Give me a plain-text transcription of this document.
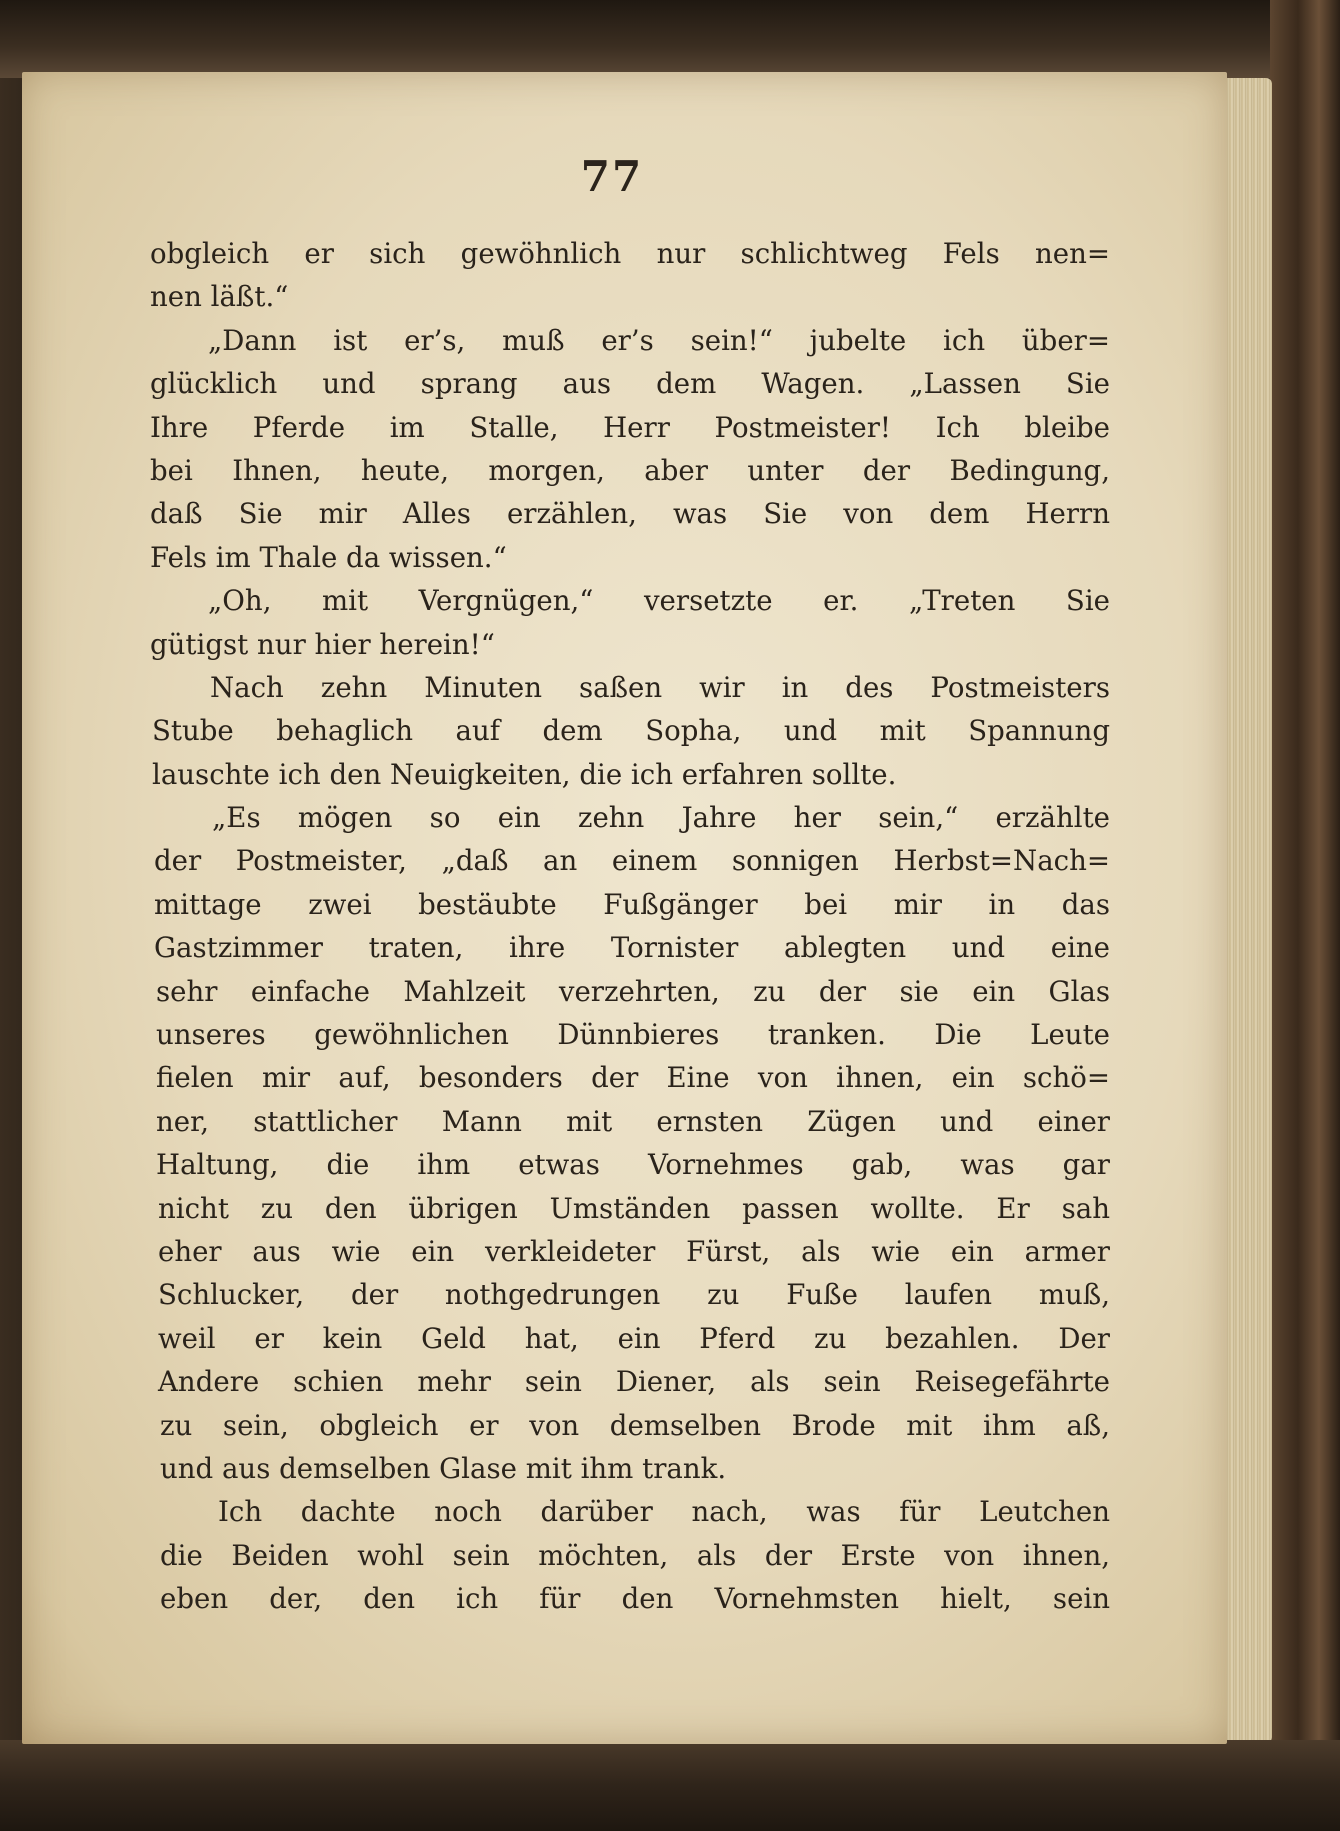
77
obgleich er sich gewöhnlich nur schlichtweg Fels nen=
nen läßt.“
„Dann ist er’s, muß er’s sein!“ jubelte ich über=
glücklich und sprang aus dem Wagen. „Lassen Sie
Ihre Pferde im Stalle, Herr Postmeister! Ich bleibe
bei Ihnen, heute, morgen, aber unter der Bedingung,
daß Sie mir Alles erzählen, was Sie von dem Herrn
Fels im Thale da wissen.“
„Oh, mit Vergnügen,“ versetzte er. „Treten Sie
gütigst nur hier herein!“
Nach zehn Minuten saßen wir in des Postmeisters
Stube behaglich auf dem Sopha, und mit Spannung
lauschte ich den Neuigkeiten, die ich erfahren sollte.
„Es mögen so ein zehn Jahre her sein,“ erzählte
der Postmeister, „daß an einem sonnigen Herbst=Nach=
mittage zwei bestäubte Fußgänger bei mir in das
Gastzimmer traten, ihre Tornister ablegten und eine
sehr einfache Mahlzeit verzehrten, zu der sie ein Glas
unseres gewöhnlichen Dünnbieres tranken. Die Leute
fielen mir auf, besonders der Eine von ihnen, ein schö=
ner, stattlicher Mann mit ernsten Zügen und einer
Haltung, die ihm etwas Vornehmes gab, was gar
nicht zu den übrigen Umständen passen wollte. Er sah
eher aus wie ein verkleideter Fürst, als wie ein armer
Schlucker, der nothgedrungen zu Fuße laufen muß,
weil er kein Geld hat, ein Pferd zu bezahlen. Der
Andere schien mehr sein Diener, als sein Reisegefährte
zu sein, obgleich er von demselben Brode mit ihm aß,
und aus demselben Glase mit ihm trank.
Ich dachte noch darüber nach, was für Leutchen
die Beiden wohl sein möchten, als der Erste von ihnen,
eben der, den ich für den Vornehmsten hielt, sein
